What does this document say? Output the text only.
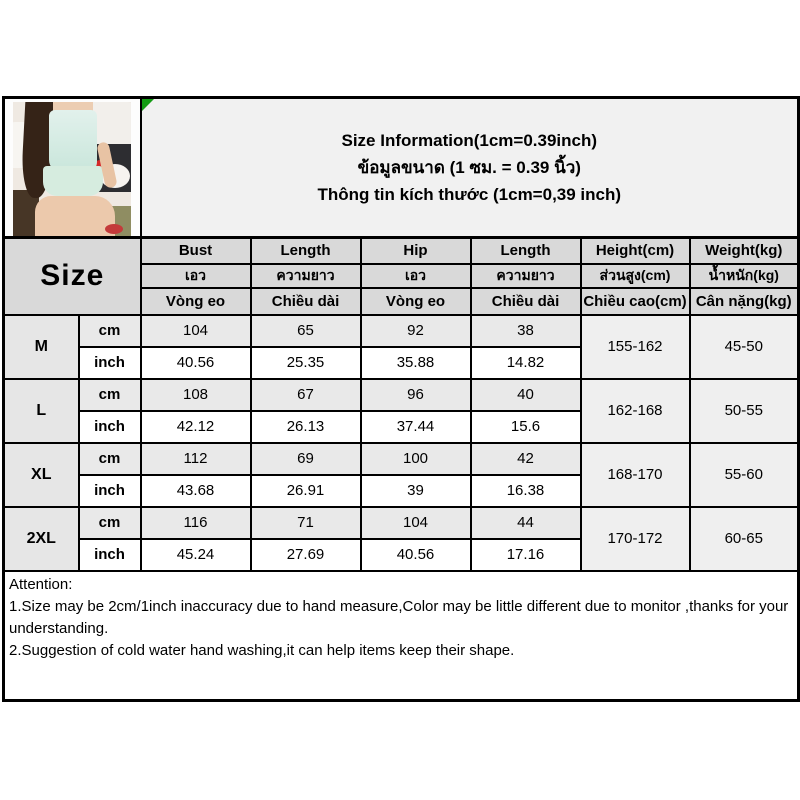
		Size Information(1cm=0.39inch)
ข้อมูลขนาด (1 ซม. = 0.39 นิ้ว)
Thông tin kích thước (1cm=0,39 inch)					

Size		Bust	Length	Hip	Length	Height(cm)	Weight(kg)
		เอว	ความยาว	เอว	ความยาว	ส่วนสูง(cm)	น้ำหนัก(kg)
		Vòng eo	Chiều dài	Vòng eo	Chiều dài	Chiều cao(cm)	Cân nặng(kg)
M	cm	104	65	92	38	155-162	45-50
	inch	40.56	25.35	35.88	14.82		
L	cm	108	67	96	40	162-168	50-55
	inch	42.12	26.13	37.44	15.6		
XL	cm	112	69	100	42	168-170	55-60
	inch	43.68	26.91	39	16.38		
2XL	cm	116	71	104	44	170-172	60-65
	inch	45.24	27.69	40.56	17.16		

Attention:
1.Size may be 2cm/1inch inaccuracy due to hand measure,Color may be little different due to monitor ,thanks for your understanding.
2.Suggestion of cold water hand washing,it can help items keep their shape.							
